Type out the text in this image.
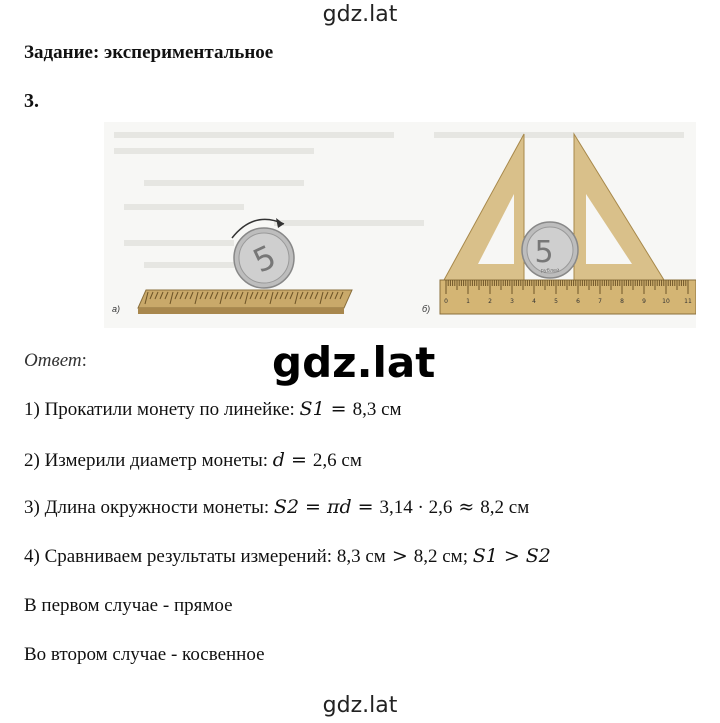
gdz.lat
Задание: экспериментальное
3.
5
а)
5
рублей
0	1	2	3	4	5	6	7	8	9	10 11
б)
gdz.lat
Ответ:
1) Прокатили монету по линейке: S1 = 8,3 см
2) Измерили диаметр монеты: d = 2,6 см
3) Длина окружности монеты: S2 = πd = 3,14 · 2,6 ≈ 8,2 см
4) Сравниваем результаты измерений: 8,3 см > 8,2 см; S1 > S2
В первом случае - прямое
Во втором случае - косвенное
gdz.lat
